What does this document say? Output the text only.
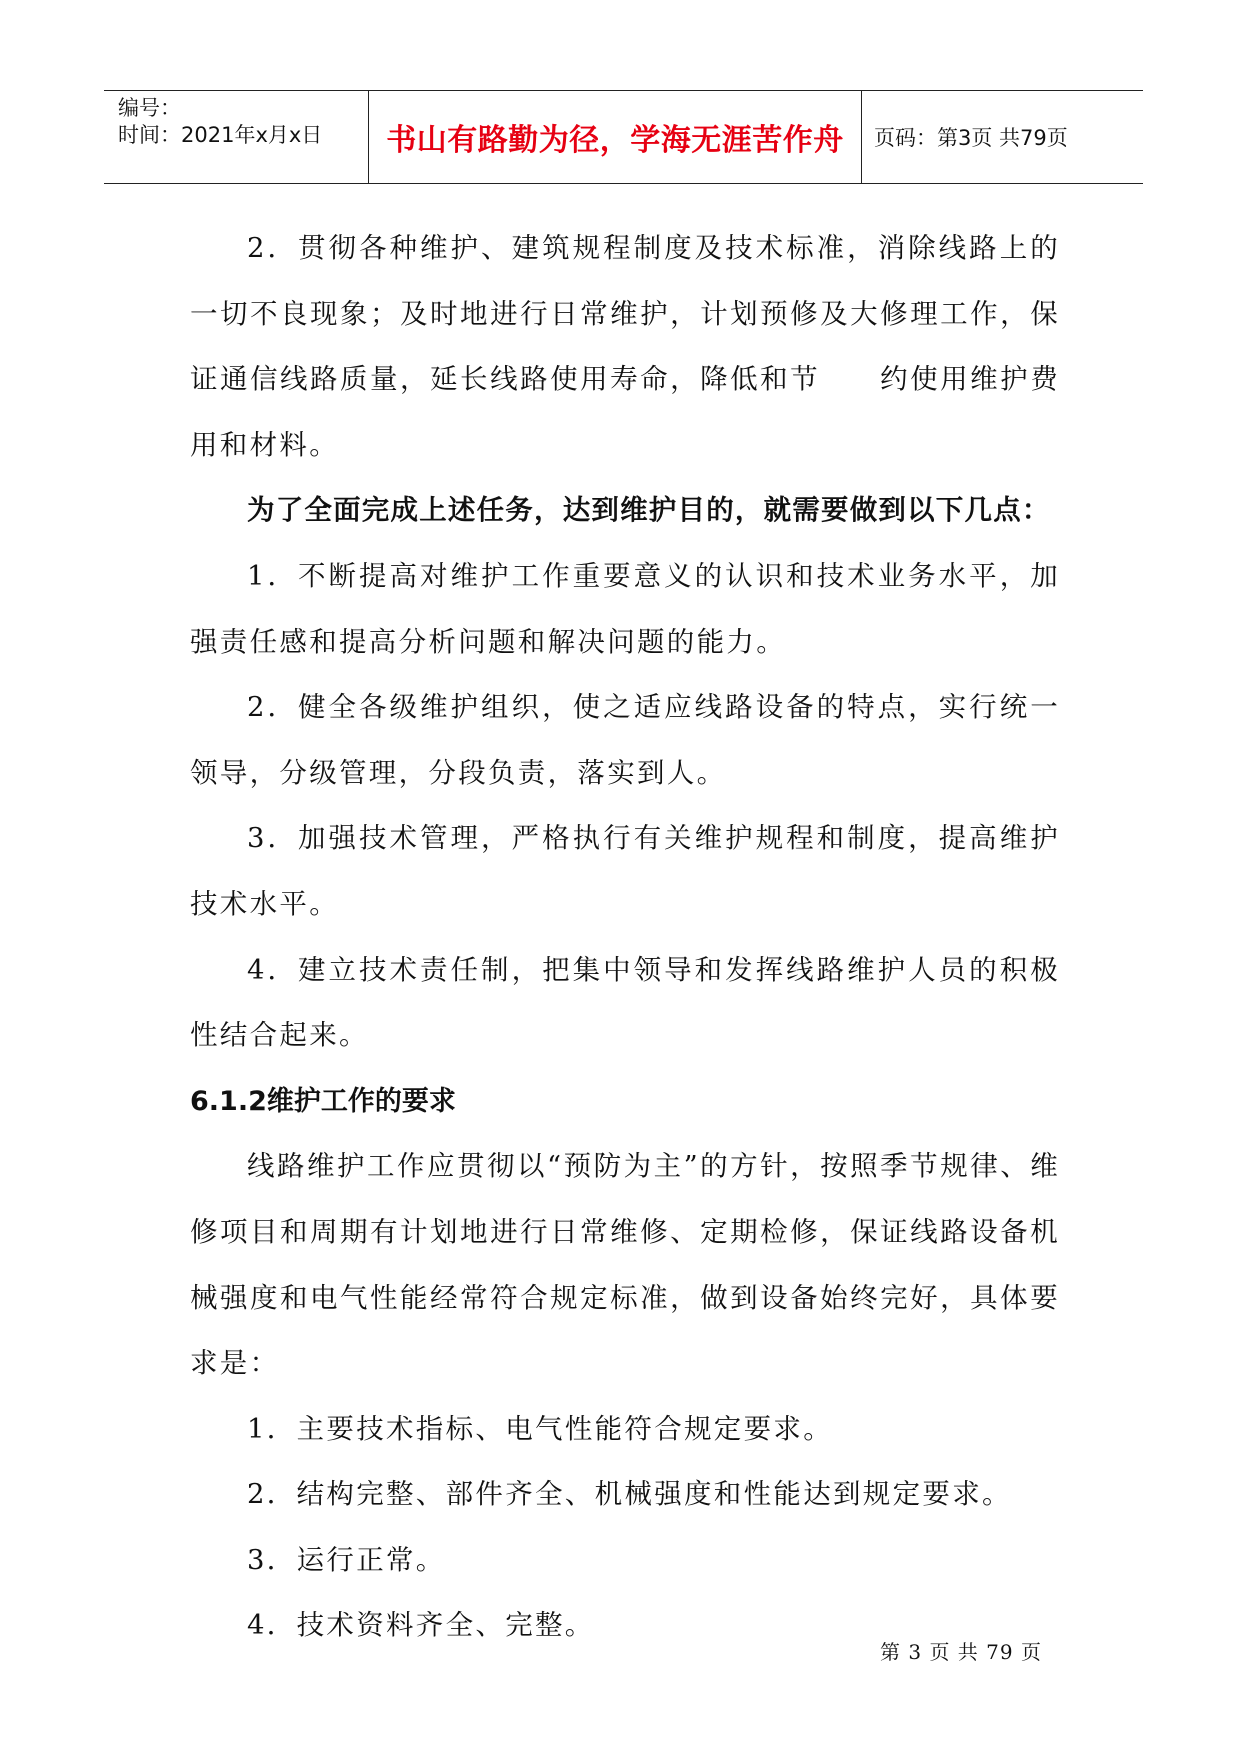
编号：
时间：2021年x月x日	书山有路勤为径，学海无涯苦作舟	页码：第3页 共79页

2．贯彻各种维护、建筑规程制度及技术标准，消除线路上的一切不良现象；及时地进行日常维护，计划预修及大修理工作，保证通信线路质量，延长线路使用寿命，降低和节　　约使用维护费用和材料。

为了全面完成上述任务，达到维护目的，就需要做到以下几点：

1．不断提高对维护工作重要意义的认识和技术业务水平，加强责任感和提高分析问题和解决问题的能力。

2．健全各级维护组织，使之适应线路设备的特点，实行统一领导，分级管理，分段负责，落实到人。

3．加强技术管理，严格执行有关维护规程和制度，提高维护技术水平。

4．建立技术责任制，把集中领导和发挥线路维护人员的积极性结合起来。

6.1.2维护工作的要求

线路维护工作应贯彻以“预防为主”的方针，按照季节规律、维修项目和周期有计划地进行日常维修、定期检修，保证线路设备机械强度和电气性能经常符合规定标准，做到设备始终完好，具体要求是：

1．主要技术指标、电气性能符合规定要求。

2．结构完整、部件齐全、机械强度和性能达到规定要求。

3．运行正常。

4．技术资料齐全、完整。

第 3 页 共 79 页
